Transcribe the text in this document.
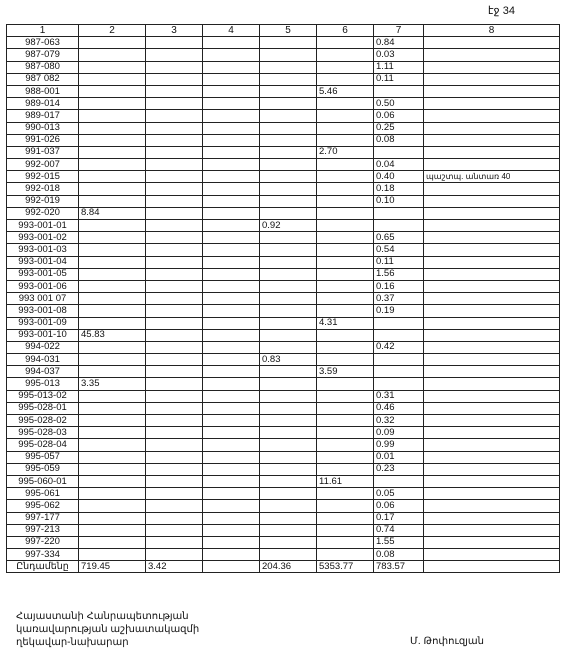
էջ 34
1	2	3	4	5	6	7	8
987-063						0.84	
987-079						0.03	
987-080						1.11	
987 082						0.11	
988-001					5.46		
989-014						0.50	
989-017						0.06	
990-013						0.25	
991-026						0.08	
991-037					2.70		
992-007						0.04	
992-015						0.40	պաշտպ. անտառ 40
992-018						0.18	
992-019						0.10	
992-020	8.84						
993-001-01				0.92			
993-001-02						0.65	
993-001-03						0.54	
993-001-04						0.11	
993-001-05						1.56	
993-001-06						0.16	
993 001 07						0.37	
993-001-08						0.19	
993-001-09					4.31		
993-001-10	45.83						
994-022						0.42	
994-031				0.83			
994-037					3.59		
995-013	3.35						
995-013-02						0.31	
995-028-01						0.46	
995-028-02						0.32	
995-028-03						0.09	
995-028-04						0.99	
995-057						0.01	
995-059						0.23	
995-060-01					11.61		
995-061						0.05	
995-062						0.06	
997-177						0.17	
997-213						0.74	
997-220						1.55	
997-334						0.08	
Ընդամենը	719.45	3.42		204.36	5353.77	783.57	
Հայաստանի Հանրապետության
կառավարության աշխատակազմի
ղեկավար-նախարար	Մ. Թոփուզյան
